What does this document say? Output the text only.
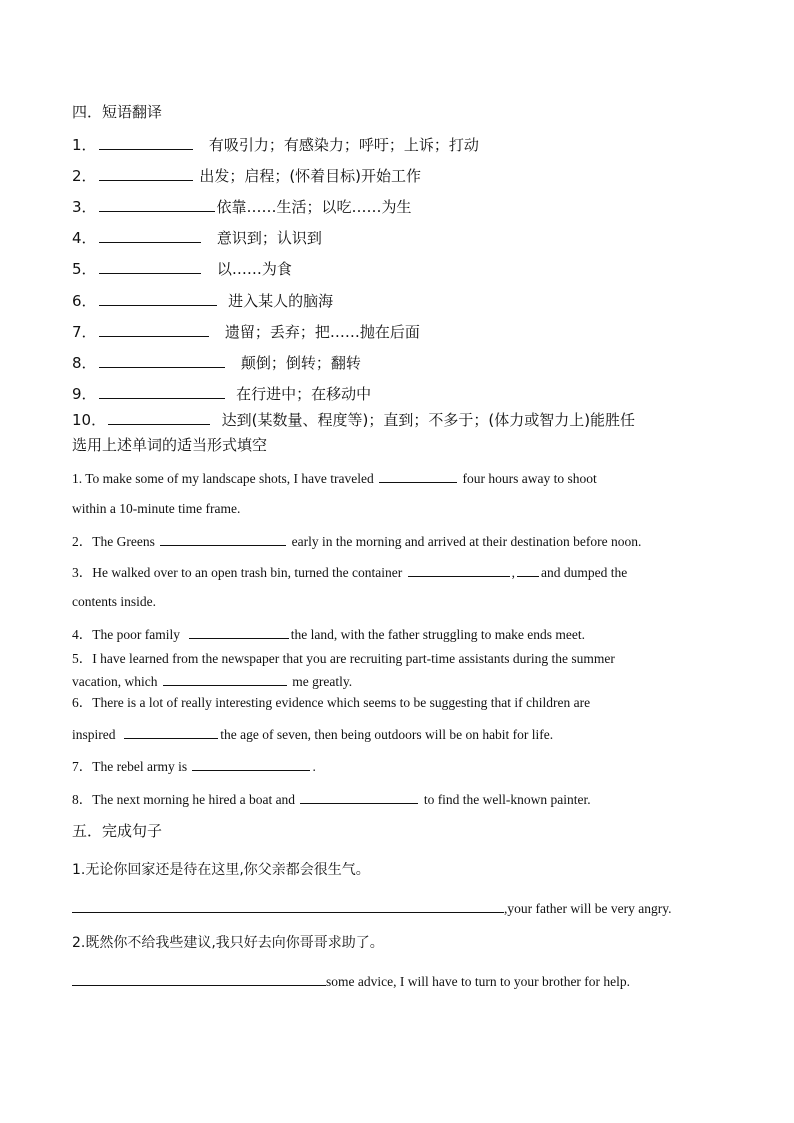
四．短语翻译
1．	有吸引力；有感染力；呼吁；上诉；打动
2．	出发；启程；(怀着目标)开始工作
3．	依靠……生活；以吃……为生
4．	意识到；认识到
5．	以……为食
6．	进入某人的脑海
7．	遗留；丢弃；把……抛在后面
8．	颠倒；倒转；翻转
9．	在行进中；在移动中
10．	达到(某数量、程度等)；直到；不多于；(体力或智力上)能胜任
选用上述单词的适当形式填空
1. To make some of my landscape shots, I have traveled	four hours away to shoot
within a 10-minute time frame.
2．The Greens	early in the morning and arrived at their destination before noon.
3．He walked over to an open trash bin, turned the container	, and dumped the
contents inside.
4．The poor family	the land, with the father struggling to make ends meet.
5．I have learned from the newspaper that you are recruiting part-time assistants during the summer
vacation, which	me greatly.
6．There is a lot of really interesting evidence which seems to be suggesting that if children are
inspired	the age of seven, then being outdoors will be on habit for life.
7．The rebel army is	.
8．The next morning he hired a boat and	to find the well-known painter.
五．完成句子
1.无论你回家还是待在这里,你父亲都会很生气。
,your father will be very angry.
2.既然你不给我些建议,我只好去向你哥哥求助了。
some advice, I will have to turn to your brother for help.
